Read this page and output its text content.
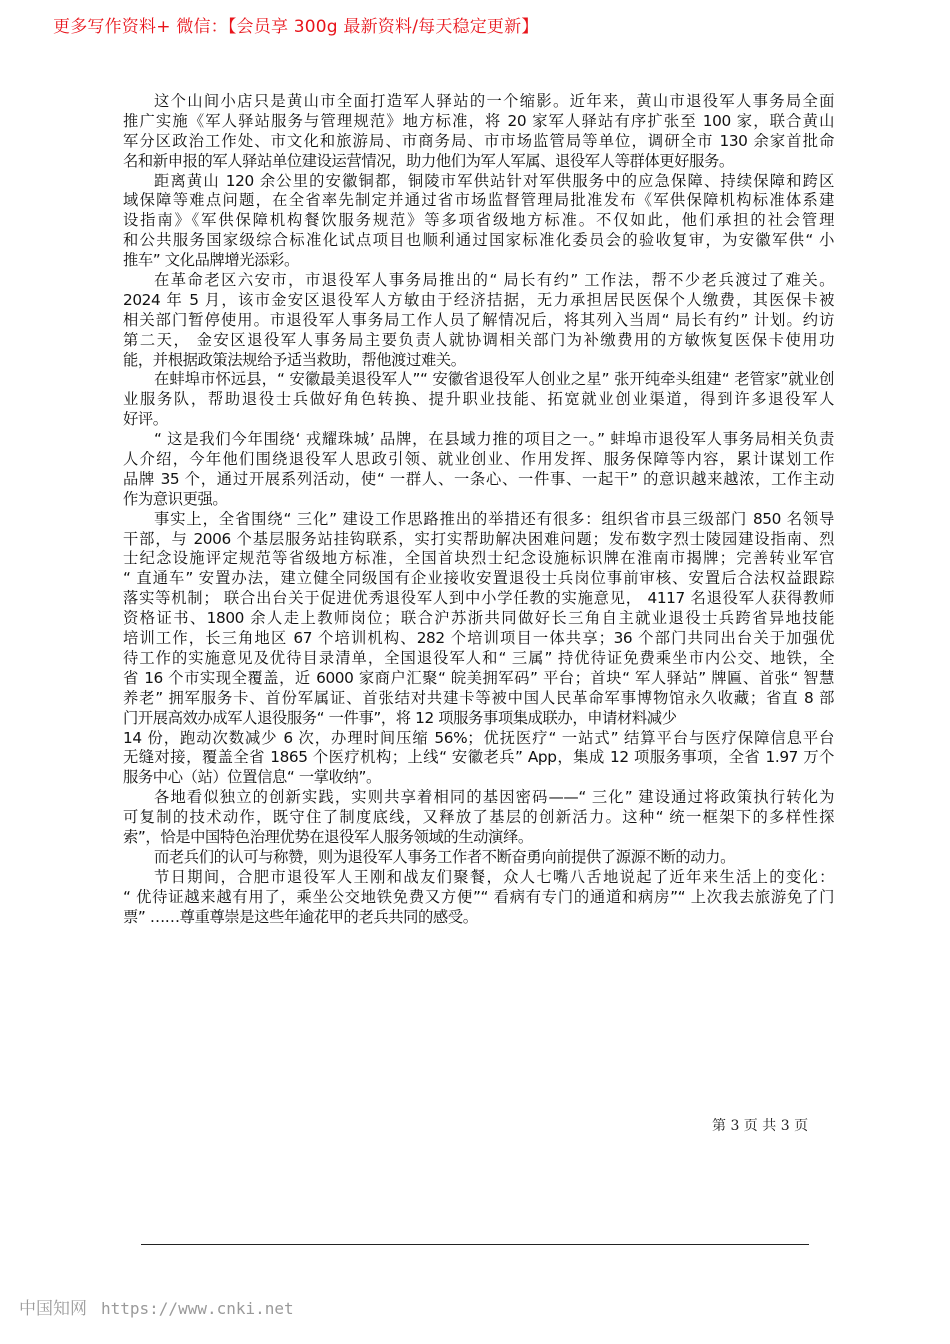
更多写作资料+ 微信：【会员享 300g 最新资料/每天稳定更新】
这个山间小店只是黄山市全面打造军人驿站的一个缩影。近年来，黄山市退役军人事务局全面
推广实施《军人驿站服务与管理规范》地方标准，将 20 家军人驿站有序扩张至 100 家，联合黄山
军分区政治工作处、市文化和旅游局、市商务局、市市场监管局等单位，调研全市 130 余家首批命
名和新申报的军人驿站单位建设运营情况，助力他们为军人军属、退役军人等群体更好服务。
距离黄山 120 余公里的安徽铜都，铜陵市军供站针对军供服务中的应急保障、持续保障和跨区
域保障等难点问题，在全省率先制定并通过省市场监督管理局批准发布《军供保障机构标准体系建
设指南》《军供保障机构餐饮服务规范》等多项省级地方标准。不仅如此，他们承担的社会管理
和公共服务国家级综合标准化试点项目也顺利通过国家标准化委员会的验收复审，为安徽军供“ 小
推车” 文化品牌增光添彩。
在革命老区六安市，市退役军人事务局推出的“ 局长有约” 工作法，帮不少老兵渡过了难关。
2024 年 5 月，该市金安区退役军人方敏由于经济拮据，无力承担居民医保个人缴费，其医保卡被
相关部门暂停使用。市退役军人事务局工作人员了解情况后，将其列入当周“ 局长有约” 计划。约访
第二天， 金安区退役军人事务局主要负责人就协调相关部门为补缴费用的方敏恢复医保卡使用功
能，并根据政策法规给予适当救助，帮他渡过难关。
在蚌埠市怀远县，“ 安徽最美退役军人”“ 安徽省退役军人创业之星” 张开纯牵头组建“ 老管家”就业创
业服务队，帮助退役士兵做好角色转换、提升职业技能、拓宽就业创业渠道，得到许多退役军人
好评。
“ 这是我们今年围绕‘ 戎耀珠城’ 品牌，在县域力推的项目之一。” 蚌埠市退役军人事务局相关负责
人介绍，今年他们围绕退役军人思政引领、就业创业、作用发挥、服务保障等内容，累计谋划工作
品牌 35 个，通过开展系列活动，使“ 一群人、一条心、一件事、一起干” 的意识越来越浓，工作主动
作为意识更强。
事实上，全省围绕“ 三化” 建设工作思路推出的举措还有很多：组织省市县三级部门 850 名领导
干部，与 2006 个基层服务站挂钩联系，实打实帮助解决困难问题；发布数字烈士陵园建设指南、烈
士纪念设施评定规范等省级地方标准，全国首块烈士纪念设施标识牌在淮南市揭牌；完善转业军官
“ 直通车” 安置办法，建立健全同级国有企业接收安置退役士兵岗位事前审核、安置后合法权益跟踪
落实等机制； 联合出台关于促进优秀退役军人到中小学任教的实施意见， 4117 名退役军人获得教师
资格证书、1800 余人走上教师岗位；联合沪苏浙共同做好长三角自主就业退役士兵跨省异地技能
培训工作，长三角地区 67 个培训机构、282 个培训项目一体共享；36 个部门共同出台关于加强优
待工作的实施意见及优待目录清单，全国退役军人和“ 三属” 持优待证免费乘坐市内公交、地铁，全
省 16 个市实现全覆盖，近 6000 家商户汇聚“ 皖美拥军码” 平台；首块“ 军人驿站” 牌匾、首张“ 智慧
养老” 拥军服务卡、首份军属证、首张结对共建卡等被中国人民革命军事博物馆永久收藏；省直 8 部
门开展高效办成军人退役服务“ 一件事”，将 12 项服务事项集成联办，申请材料减少
14 份，跑动次数减少 6 次，办理时间压缩 56%；优抚医疗“ 一站式” 结算平台与医疗保障信息平台
无缝对接，覆盖全省 1865 个医疗机构；上线“ 安徽老兵” App，集成 12 项服务事项，全省 1.97 万个
服务中心（站）位置信息“ 一掌收纳”。
各地看似独立的创新实践，实则共享着相同的基因密码——“ 三化” 建设通过将政策执行转化为
可复制的技术动作，既守住了制度底线，又释放了基层的创新活力。这种“ 统一框架下的多样性探
索”，恰是中国特色治理优势在退役军人服务领域的生动演绎。
而老兵们的认可与称赞，则为退役军人事务工作者不断奋勇向前提供了源源不断的动力。
节日期间，合肥市退役军人王刚和战友们聚餐，众人七嘴八舌地说起了近年来生活上的变化：
“ 优待证越来越有用了，乘坐公交地铁免费又方便”“ 看病有专门的通道和病房”“ 上次我去旅游免了门
票” ……尊重尊崇是这些年逾花甲的老兵共同的感受。
第 3 页 共 3 页
中国知网 https://www.cnki.net
